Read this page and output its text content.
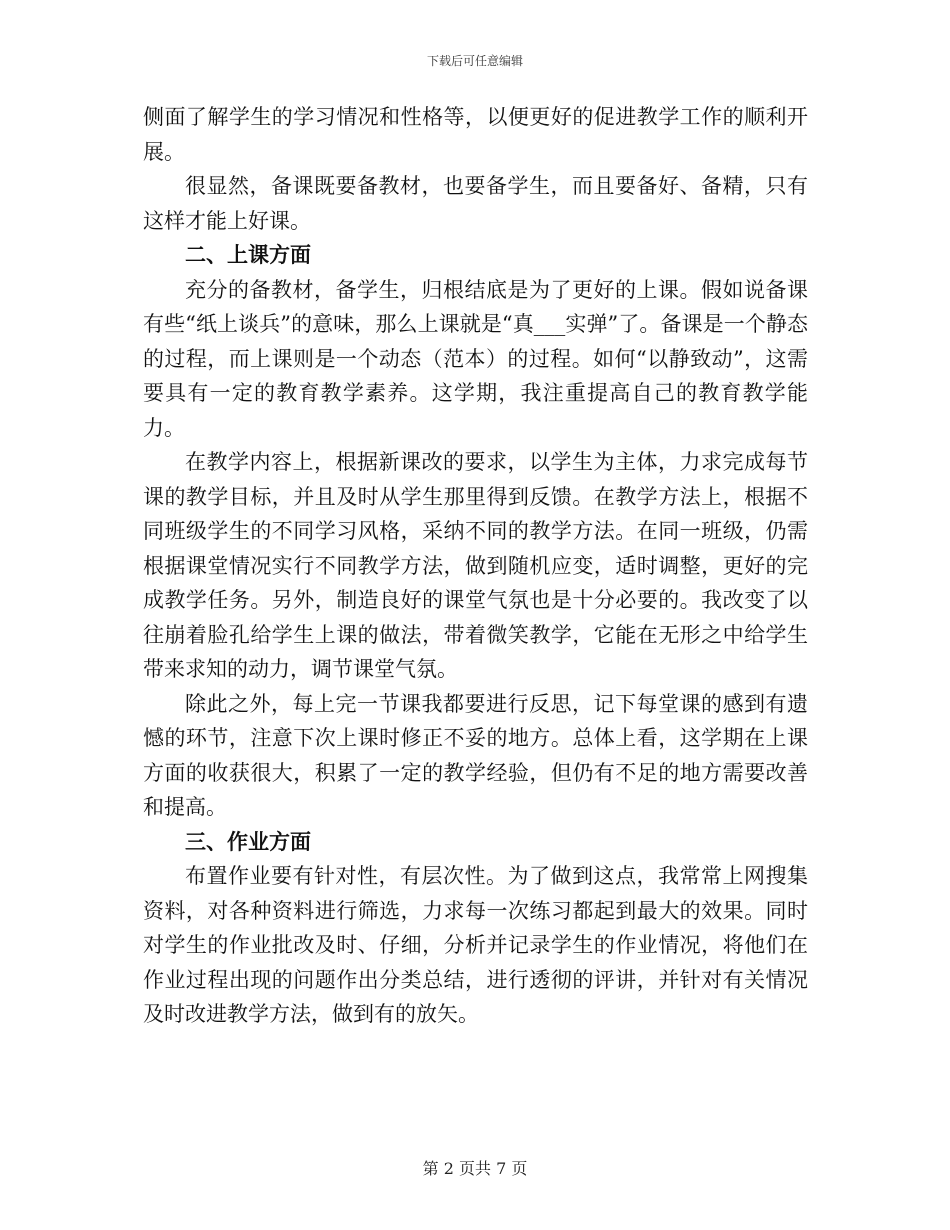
下载后可任意编辑

侧面了解学生的学习情况和性格等，以便更好的促进教学工作的顺利开展。

很显然，备课既要备教材，也要备学生，而且要备好、备精，只有这样才能上好课。

二、上课方面

充分的备教材，备学生，归根结底是为了更好的上课。假如说备课有些“纸上谈兵”的意味，那么上课就是“真___实弹”了。备课是一个静态的过程，而上课则是一个动态（范本）的过程。如何“以静致动”，这需要具有一定的教育教学素养。这学期，我注重提高自己的教育教学能力。

在教学内容上，根据新课改的要求，以学生为主体，力求完成每节课的教学目标，并且及时从学生那里得到反馈。在教学方法上，根据不同班级学生的不同学习风格，采纳不同的教学方法。在同一班级，仍需根据课堂情况实行不同教学方法，做到随机应变，适时调整，更好的完成教学任务。另外，制造良好的课堂气氛也是十分必要的。我改变了以往崩着脸孔给学生上课的做法，带着微笑教学，它能在无形之中给学生带来求知的动力，调节课堂气氛。

除此之外，每上完一节课我都要进行反思，记下每堂课的感到有遗憾的环节，注意下次上课时修正不妥的地方。总体上看，这学期在上课方面的收获很大，积累了一定的教学经验，但仍有不足的地方需要改善和提高。

三、作业方面

布置作业要有针对性，有层次性。为了做到这点，我常常上网搜集资料，对各种资料进行筛选，力求每一次练习都起到最大的效果。同时对学生的作业批改及时、仔细，分析并记录学生的作业情况，将他们在作业过程出现的问题作出分类总结，进行透彻的评讲，并针对有关情况及时改进教学方法，做到有的放矢。

第 2 页共 7 页
